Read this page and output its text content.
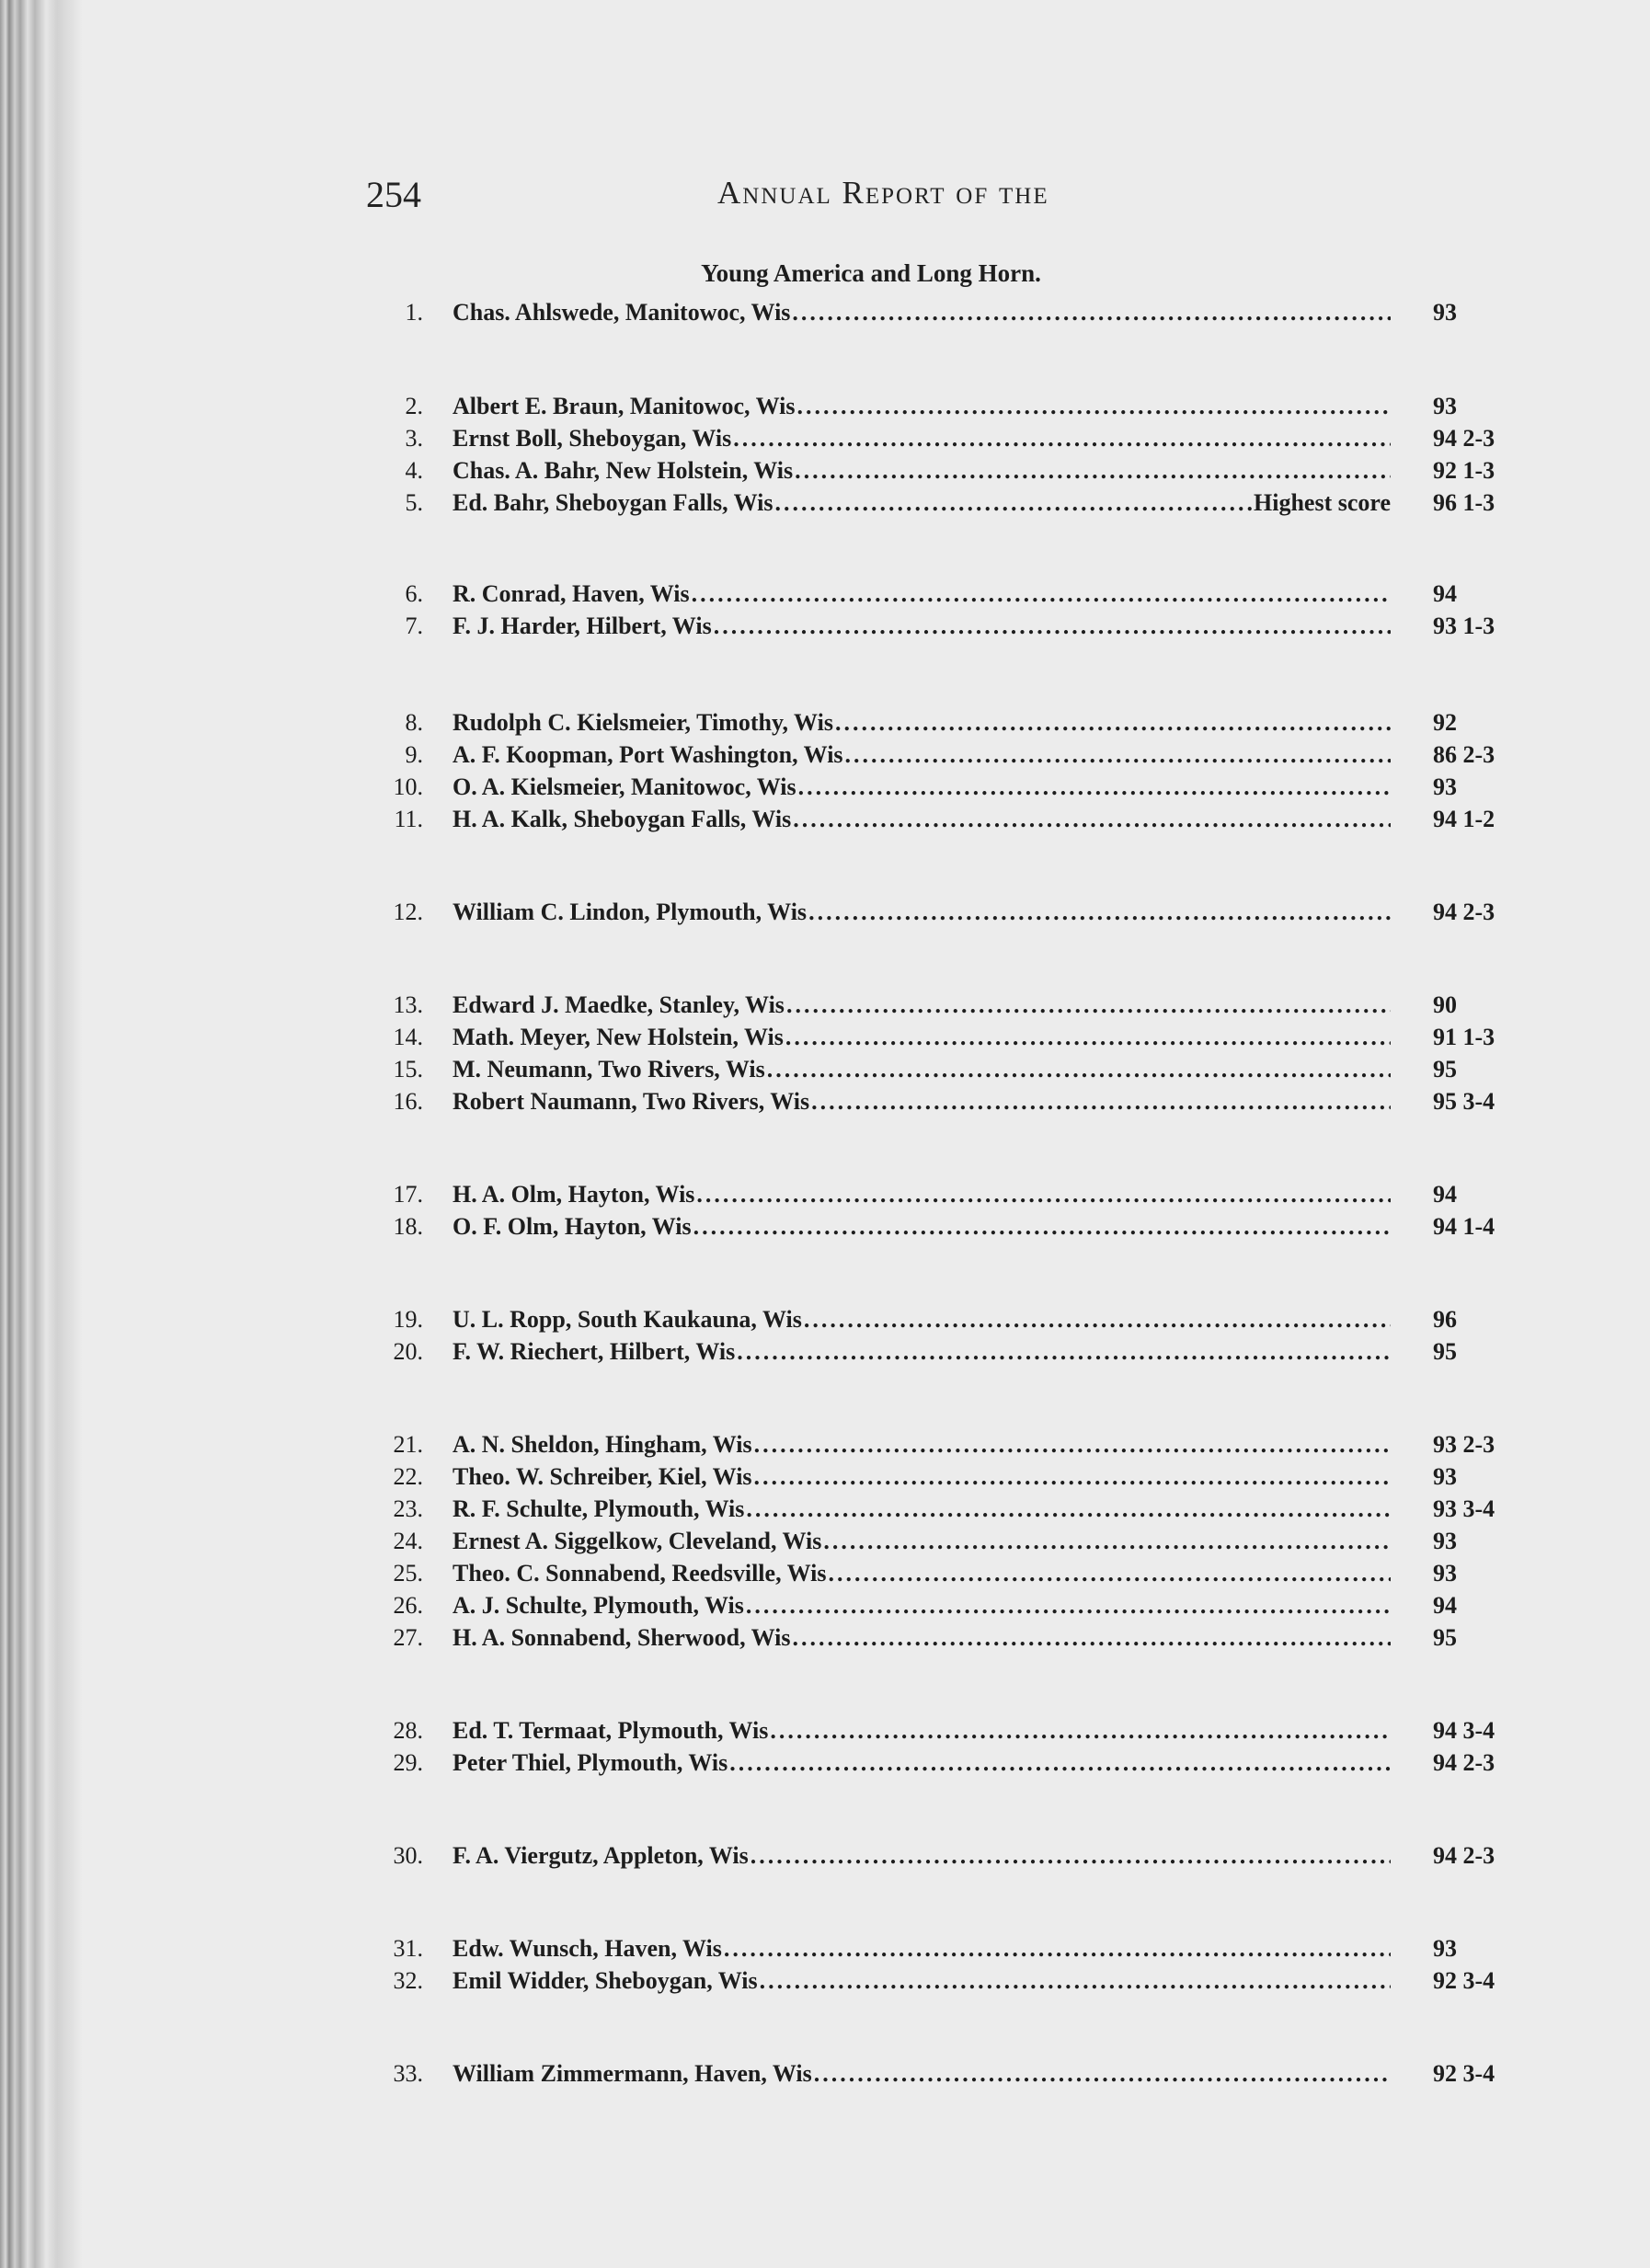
254	Annual Report of the
Young America and Long Horn.
1. Chas. Ahlswede, Manitowoc, Wis .....	93
2. Albert E. Braun, Manitowoc, Wis .....	93
3. Ernst Boll, Sheboygan, Wis .....	94 2-3
4. Chas. A. Bahr, New Holstein, Wis .....	92 1-3
5. Ed. Bahr, Sheboygan Falls, Wis .....	Highest score 96 1-3
6. R. Conrad, Haven, Wis .....	94
7. F. J. Harder, Hilbert, Wis .....	93 1-3
8. Rudolph C. Kielsmeier, Timothy, Wis .....	92
9. A. F. Koopman, Port Washington, Wis .....	86 2-3
10. O. A. Kielsmeier, Manitowoc, Wis .....	93
11. H. A. Kalk, Sheboygan Falls, Wis .....	94 1-2
12. William C. Lindon, Plymouth, Wis .....	94 2-3
13. Edward J. Maedke, Stanley, Wis .....	90
14. Math. Meyer, New Holstein, Wis .....	91 1-3
15. M. Neumann, Two Rivers, Wis .....	95
16. Robert Naumann, Two Rivers, Wis .....	95 3-4
17. H. A. Olm, Hayton, Wis .....	94
18. O. F. Olm, Hayton, Wis .....	94 1-4
19. U. L. Ropp, South Kaukauna, Wis .....	96
20. F. W. Riechert, Hilbert, Wis .....	95
21. A. N. Sheldon, Hingham, Wis .....	93 2-3
22. Theo. W. Schreiber, Kiel, Wis .....	93
23. R. F. Schulte, Plymouth, Wis .....	93 3-4
24. Ernest A. Siggelkow, Cleveland, Wis .....	93
25. Theo. C. Sonnabend, Reedsville, Wis .....	93
26. A. J. Schulte, Plymouth, Wis .....	94
27. H. A. Sonnabend, Sherwood, Wis .....	95
28. Ed. T. Termaat, Plymouth, Wis .....	94 3-4
29. Peter Thiel, Plymouth, Wis .....	94 2-3
30. F. A. Viergutz, Appleton, Wis .....	94 2-3
31. Edw. Wunsch, Haven, Wis .....	93
32. Emil Widder, Sheboygan, Wis .....	92 3-4
33. William Zimmermann, Haven, Wis .....	92 3-4
